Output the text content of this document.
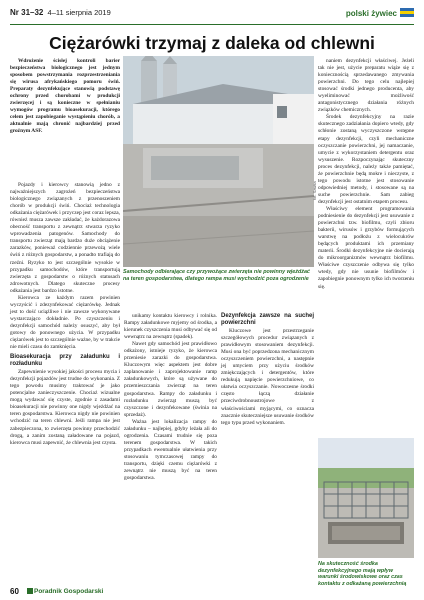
Nr 31–32 4–11 sierpnia 2019	polski żywiec
Ciężarówki trzymaj z daleka od chlewni

Wdrożenie ścisłej kontroli barier bezpieczeństwa biologicznego jest jednym sposobem powstrzymania rozprzestrzeniania się wirusa afrykańskiego pomoru świń. Preparaty dezynfekujące stanowią podstawę ochrony przed chorobami w produkcji zwierzęcej i są konieczne w spełnianiu wymogów programu bioasekuracji, którego celem jest zapobieganie wystąpieniu chorób, a aktualnie mają chronić najbardziej przed groźnym ASF.

Pojazdy i kierowcy stanowią jedno z najważniejszych zagrożeń bezpieczeństwa biologicznego związanych z przenoszeniem chorób w produkcji świń. Chociaż technologia odkażania ciężarówek i przyczep jest coraz lepsza, również musza zawsze zakładać, że każdorazowa obecność transportu z zewnątrz stwarza ryzyko wprowadzenia patogenów. Samochody do transportu zwierząt mają bardzo duże obciążenie zarazków, ponieważ codziennie przewożą wiele świń z różnych gospodarstw, a ponadto trafiają do rzeźni. Ryzyko to jest szczególnie wysokie w przypadku samochodów, które transportują zwierzęta z gospodarstw o różnych statusach zdrowotnych. Dlatego skuteczne procesy odkażania jest bardzo istotne.

Kierowca ze każdym razem powinien wyczyścić i zdezynfekować ciężarówkę. Jednak jest to dość uciążliwe i nie zawsze wykonywane wystarczająco dokładnie. Po czyszczeniu i dezynfekcji samochód należy osuszyć, aby był gotowy do ponownego użycia. W przypadku ciężarówek jest to szczególnie ważne, by w trakcie nie mieli czasu do zamknięcia.

Bioasekuracja przy załadunku i rozładunku

Zapewnienie wysokiej jakości procesu mycia i dezynfekcji pojazdów jest trudne do wykonania. Z tego powodu musimy traktować je jako potencjalne zanieczyszczenie. Chociaż wizualne mogą wydawać się czyste, zgodnie z zasadami bioasekuracji nie powinny one nigdy wjeżdżać na teren gospodarstwa. Kierowca nigdy nie powinien wchodzić na teren chlewni. Jeśli rampa nie jest zabezpieczona, to zwierzęta powinny przechodzić drogą, a zanim zostaną załadowane na pojazd, kierowca musi zapewnić, że chlewnia jest czysta.

Samochody odbierające czy przywożące zwierzęta nie powinny wjeżdżać na teren gospodarstwa, dlatego rampa musi wychodzić poza ogrodzenie
fot. Sawka

unikamy kontaktu kierowcy i rolnika. Rampy załadunkowe myjemy od środka, a kierunek czyszczenia musi odbywać się od wewnątrz na zewnątrz (spadek).

Nawet gdy samochód jest prawidłowo odkażony, istnieje ryzyko, że kierowca przeniesie zarazki do gospodarstwa. Kluczowym więc aspektem jest dobre zaplanowanie i zaprojektowanie ramp załadunkowych, które są używane do przemieszczania zwierząt na teren gospodarstwa. Rampy do załadunku i rozładunku zwierząt muszą być czyszczone i dezynfekowane (świnia na sprzedaż).

Ważna jest lokalizacja rampy do załadunku – najlepiej, gdyby leżała ali do ogrodzenia. Czasami trudnie się poza terenem gospodarstwa. W takich przypadkach ewentualnie ułatwienia przy stosowaniu tymczasowej rampy do transportu, dzięki czemu ciężarówki z zewnątrz nie muszą być na teren gospodarstwa.

Dezynfekcja zawsze na suchej powierzchni

Kluczowe jest przestrzeganie szczegółowych procedur związanych z prawidłowym stosowaniem dezynfekcji. Musi ona być poprzedzona mechanicznym oczyszczeniem powierzchni, a następnie jej umyciem przy użyciu środków zmiękczających i detergentów, które redukują napięcie powierzchniowe, co ułatwia oczyszczanie. Nowoczesne środki często łączą działanie przeciwdrobnoustrojowe z właściwościami myjącymi, co oznacza znacznie skuteczniejsze usuwanie środków tego typu przed wykonaniem.

naniem dezynfekcji właściwej. Jeżeli tak nie jest, użycie preparatu wiąże się z koniecznością sprzedawanego zmywania powierzchni. Do tego celu najlepiej stosować środki jednego producenta, aby wyeliminować możliwość antagonistycznego działania różnych związków chemicznych.

Środek dezynfekcyjny na razie skutecznego zadziałania dopiero wtedy, gdy schłonie zostaną wyczyszczone wstępne etapy dezynfekcji, czyli mechaniczne oczyszczanie powierzchni, jej namaczanie, umycie z wykorzystaniem detergentu oraz wysuszenie. Rozpoczynając skuteczny proces dezynfekcji, należy także pamiętać, że powierzchnie będą mokre i nieczyste, z tego powodu istotne jest stosowanie odpowiedniej metody, i stosowane są na suche powierzchnie. Sam zabieg dezynfekcji jest ostatnim etapem procesu.

Właściwy element programowania podniesienie do dezynfekcji jest usuwanie z powierzchni tzw. biofilmu, czyli zbioru bakterii, wirusów i grzybów formujących warstwę na podłożu z wielocukrów będących produktami ich przemiany materii. Środki dezynfekcyjne nie docierają do mikroorganizmów wewnątrz biofilmu. Właściwe czyszczenie odbywa się tylko wtedy, gdy nie usunie biofilmów i zapobiegnie ponownym tylko ich tworzeniu się.

Na skuteczność środka dezynfekcyjnego mają wpływ warunki środowiskowe oraz czas kontaktu z odkażaną powierzchnią
60	Poradnik Gospodarski
